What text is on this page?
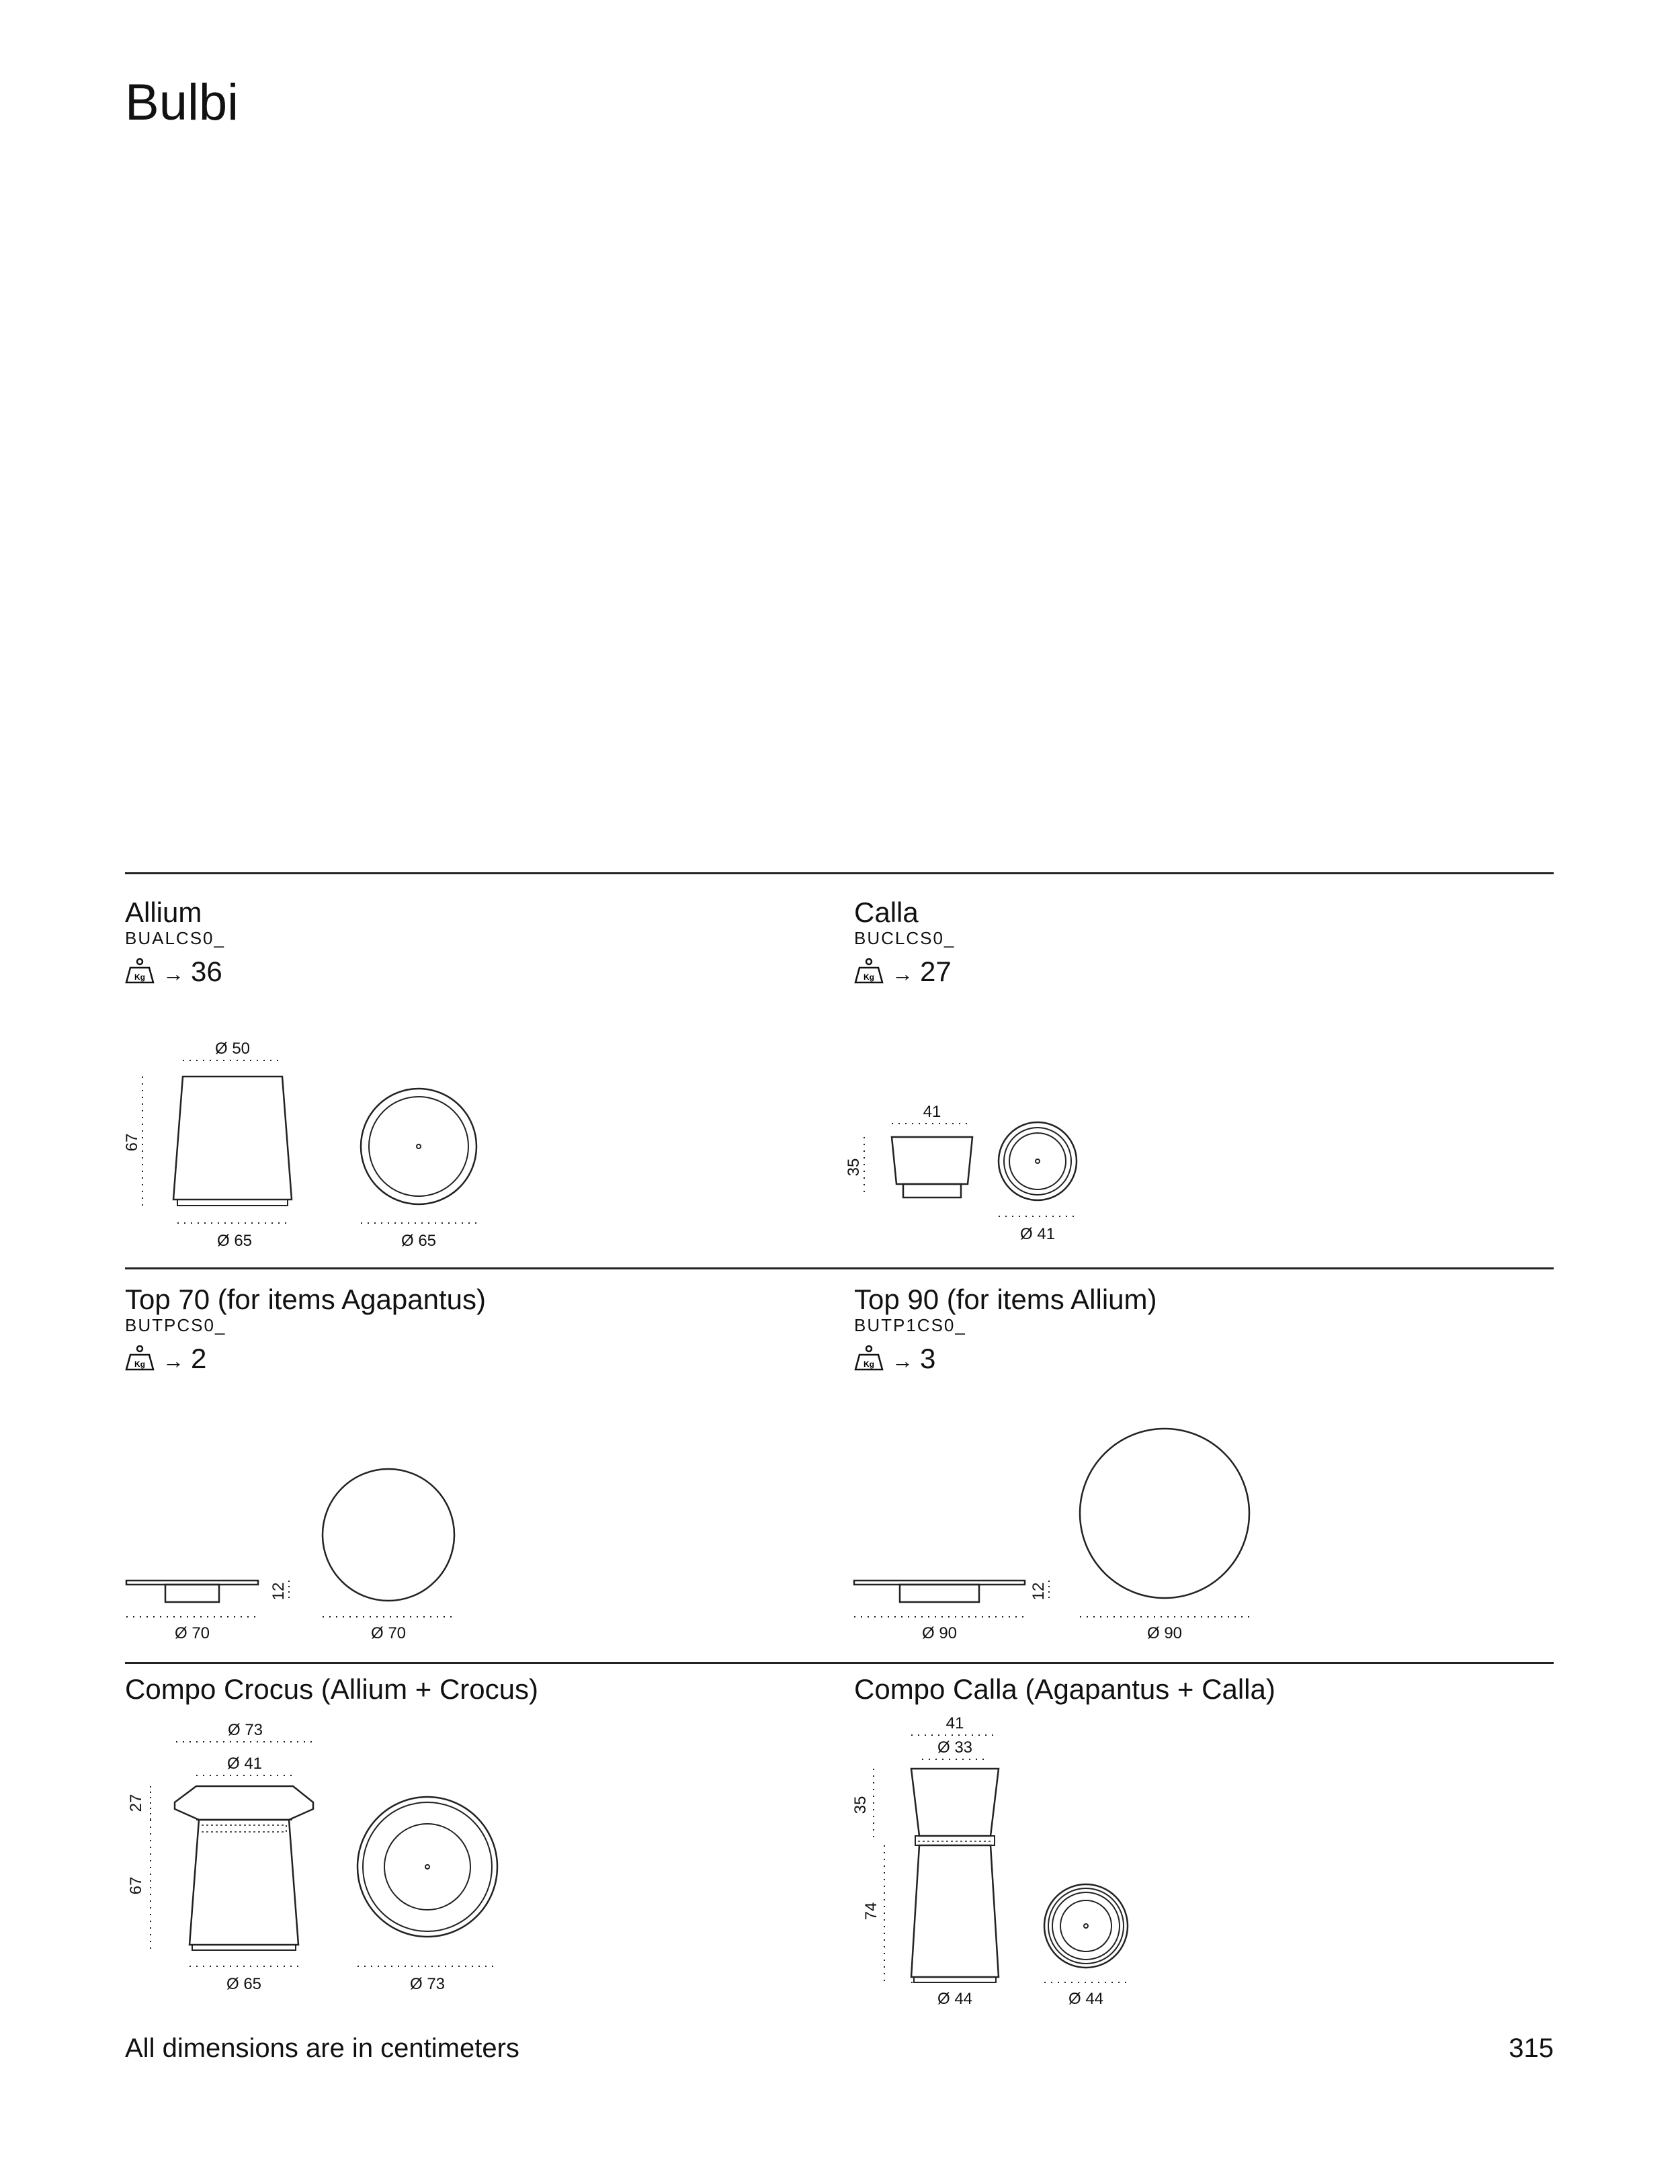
Bulbi
Allium
BUALCS0_
Kg → 36
Ø 50
67
Ø 65	Ø 65
Calla
BUCLCS0_
Kg → 27
41
35
Ø 41
Top 70 (for items Agapantus)
BUTPCS0_
Kg → 2
12
Ø 70	Ø 70
Top 90 (for items Allium)
BUTP1CS0_
Kg → 3
12
Ø 90	Ø 90
Compo Crocus (Allium + Crocus)
Ø 73
Ø 41
27
67
Ø 65	Ø 73
Compo Calla (Agapantus + Calla)
41
Ø 33
35
74
Ø 44	Ø 44
All dimensions are in centimeters	315
